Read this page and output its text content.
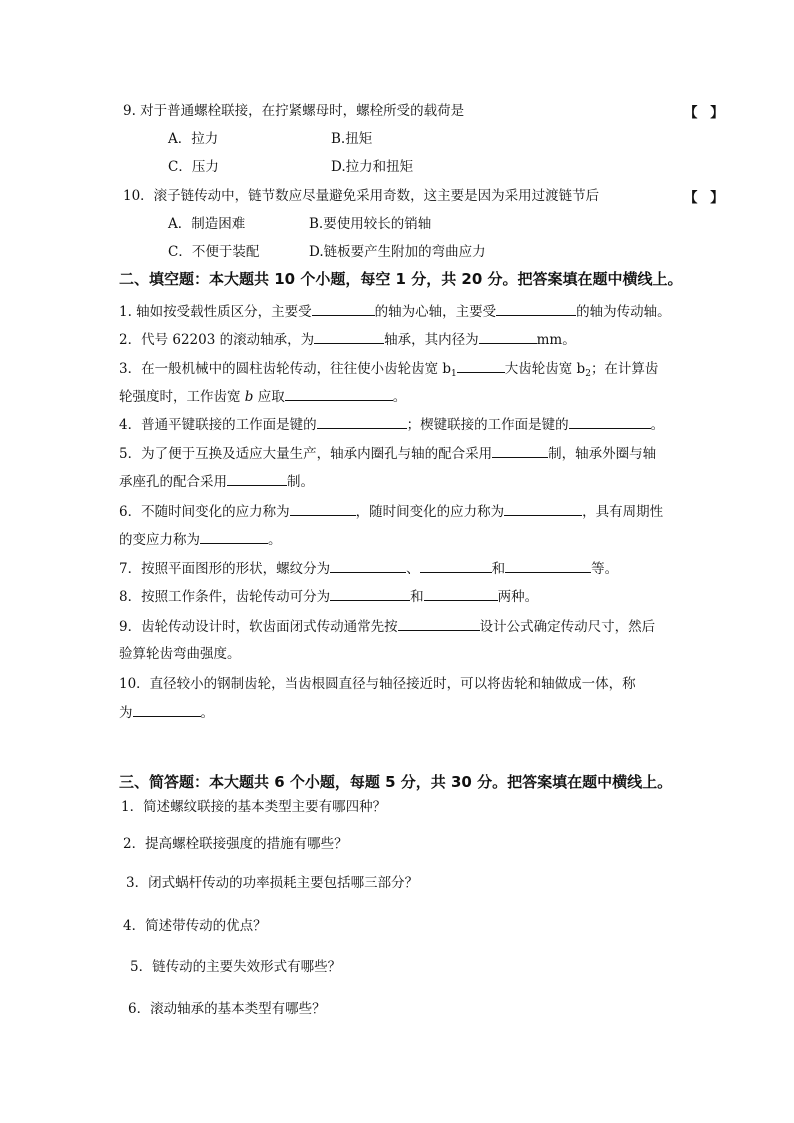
9. 对于普通螺栓联接，在拧紧螺母时，螺栓所受的载荷是	【 】
A．拉力	B.扭矩
C．压力	D.拉力和扭矩
10．滚子链传动中，链节数应尽量避免采用奇数，这主要是因为采用过渡链节后	【 】
A．制造困难	B.要使用较长的销轴
C．不便于装配	D.链板要产生附加的弯曲应力
二、填空题：本大题共 10 个小题，每空 1 分，共 20 分。把答案填在题中横线上。
1. 轴如按受载性质区分，主要受	的轴为心轴，主要受	的轴为传动轴。
2．代号 62203 的滚动轴承，为	轴承，其内径为	mm。
3．在一般机械中的圆柱齿轮传动，往往使小齿轮齿宽 $b_1$	大齿轮齿宽 $b_2$；在计算齿
轮强度时，工作齿宽 b 应取	。
4．普通平键联接的工作面是键的	；楔键联接的工作面是键的	。
5．为了便于互换及适应大量生产，轴承内圈孔与轴的配合采用	制，轴承外圈与轴
承座孔的配合采用	制。
6．不随时间变化的应力称为	，随时间变化的应力称为	，具有周期性
的变应力称为	。
7．按照平面图形的形状，螺纹分为	、	和	等。
8．按照工作条件，齿轮传动可分为	和	两种。
9．齿轮传动设计时，软齿面闭式传动通常先按	设计公式确定传动尺寸，然后
验算轮齿弯曲强度。
10．直径较小的钢制齿轮，当齿根圆直径与轴径接近时，可以将齿轮和轴做成一体，称
为	。
三、简答题：本大题共 6 个小题，每题 5 分，共 30 分。把答案填在题中横线上。
1．简述螺纹联接的基本类型主要有哪四种？
2．提高螺栓联接强度的措施有哪些？
3．闭式蜗杆传动的功率损耗主要包括哪三部分？
4．简述带传动的优点？
5．链传动的主要失效形式有哪些？
6．滚动轴承的基本类型有哪些？
